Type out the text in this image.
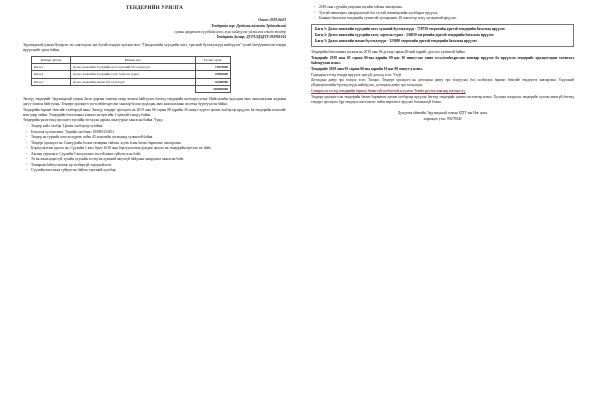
ТЕНДЕРИЙН УРИЛГА

Огноо: 2019.04.03

Тендерийн нэр: Дундговь аймгийн Эрдэнэдалай

сумын цэцэрлэгт хүүхдийн хоол, хүнс нийлүүлэх үйлчилгээ сонгох тендер

Тендерийн дугаар: ДУГАЭДЗДТГ/201901014

Эрдэнэдалай сумын Цэцэрлэг нь сонгогдсон эрх бүхий тендерт оролцогчоос "Цэцэрлэгийн хүүхдийн хоол, хүнсний бүтээгдэхүүн нийлүүлэх" тухай битүүмжилсэн тендер ирүүлэхийг урьж байна.

Багцын дугаар	Багцын нэр	Төсөвт өртөг
Багц-1	Долоо хоногийн хүүхдийн хоол хүнсний бүтээгдэхүүн	71875000
Багц-2	Долоо хоногийн хүүхдийн талх, хэрчсэн гурил	23605000
Багц-3	Долоо хоногийн махан бүтээгдэхүүн	32300000
		106840000

Энэхүү тендерийг Эрдэнэдалай сумын Засаг даргын тамгын газар зохион байгуулах бөгөөд тендерийн шалгарууллтыг Нийслэлийн худалдан авах ажиллагааны журмын дагуу зохион байгуулна. Тендерт оролцогч www.tender.gov.mn хаягаар болон худалдан авах ажиллагааны системд бүртгүүлсэн байна.

Тендерийн баримт бичгийг төлбөргүй авна. Энэхүү тендерт оролцогч нь 2019 оны 06 сарын 08 өдрийн 30 минут хүртэл цахим хэлбэрээр ирүүлэх ба тендерийн нээлтийг мөн өдөр хийнэ. Тендерийн баталгааны хэмжээ нь өртгийн 1 хувьтай тэнцүү байна.

Тендерийн үнэлгээнд оролцогч хуулийн этгээд нь дараах шалгуурыг хангасан байна. Үүнд:

- Тендер хийх хэлбэр: Цахим хэлбэрээр тухайна.
- Баталгаа хүлээн авах: Төрийн сан банк: 100081355401
- Тендер нь түүнийг нээсэн өдрөөс хойш 45 хоногийн хугацаанд хүчинтэй байна.
- Тендерт оролцогч нь Санхүүгийн болон татварын тайлан, хууль ёсны бичиг баримтыг хавсаргана.
- Борлуулалтын орлого нь: Сүүлийн 1 жил буюу 2018 оны борлуулалтын дундаж орлого нь тендерийн өртгөөс их байх.
- Ажлын туршлага: Сүүлийн 3 жилд ижил төстэй ажил гүйцэтгэсэн байх.
- Эх нь ажилладаггүй, тухайн хуулийн этгээд нь хүнсний аюулгүй байдлын шаардлага хангасан байх.
- Татварын байгууллагаас өр төлбөргүй тодорхойлолт.
- Сүүлийн жил ажил гүйцэтгэж байгаа гэрээний хуулбар.
- 2018 оны сүүлийн улирлын эцсийн тайлан хавсаргана.
- Тусгай зөвшөөрөл шаардлагатай бол тусгай зөвшөөрлийн хуулбарыг ирүүлэх.
- Банкны баталгааг тендерийн хүчинтэй хугацаанаас 28 хоногоор илүү хугацаатай ирүүлэх.

Багц-1: Долоо хоногийн хүүхдийн хоол хүнсний бүтээгдэхүүн - 718750 төгрөгийн дүнтэй тендерийн баталгаа ирүүлэх

Багц-2: Долоо хоногийн хүүхдийн талх, хэрчсэн гурил - 236050 төгрөгийн дүнтэй тендерийн баталгаа ирүүлэх

Багц-3: Долоо хоногийн махан бүтээгдэхүүн - 323000 төгрөгийн дүнтэй тендерийн баталгаа ирүүлэх

Тендерийн баталгааны хугацаа нь 2019 оны 06 дугаар сарын 20-ний өдрийг дуустал хүчинтэй байна.

Тендерийг 2019 оны 05 сарын 06-ны өдрийн 09 цаг 30 минут-аас өмнө www.tender.gov.mn хаягаар ирүүлэх ба ирүүлсэн тендерийг оролцогчдын төлөөлөл байлцуулан нээнэ.

Тендерийг 2019 оны 05 сарын 06-ны өдрийн 10 цаг 00 минут-д нээнэ.

Гадаадын этгээд тендер ирүүлэх эрхгүй, дотоод эсэх: Үгүй

Дотоодын давуу эрх тооцох эсэх: Тооцно. Тендерт оролцогч нь дотоодын давуу эрх тооцуулах бол холбогдох баримт бичгийг тендертээ хавсаргана. Үндэсний үйлдвэрлэгчийн бүтээгдэхүүн нийлүүлэх, дотоодын давуу эрх тооцогдох.

Сонирхсон этгээд тендерийн баримт бичигтэй холбоотой асуултыг Tender.gov.mn хаягаар илгээнэ үү.

Тендерт оролцогч нь тендерийн бичиг баримтыг цахим хэлбэрээр ирүүлэх бөгөөд тендерийг цахим системээр нээнэ. Хугацаа хоцорсон тендерийг хүлээн авахгүй бөгөөд тендерт оролцогч бүр тендерээ илгээснээс хойш өөрчлөлт оруулах боломжгүй болно.

Дундговь аймгийн Эрдэнэдалай сумын ЗДТГ-ын Нэг цонх

харилцах утас: 89279040
